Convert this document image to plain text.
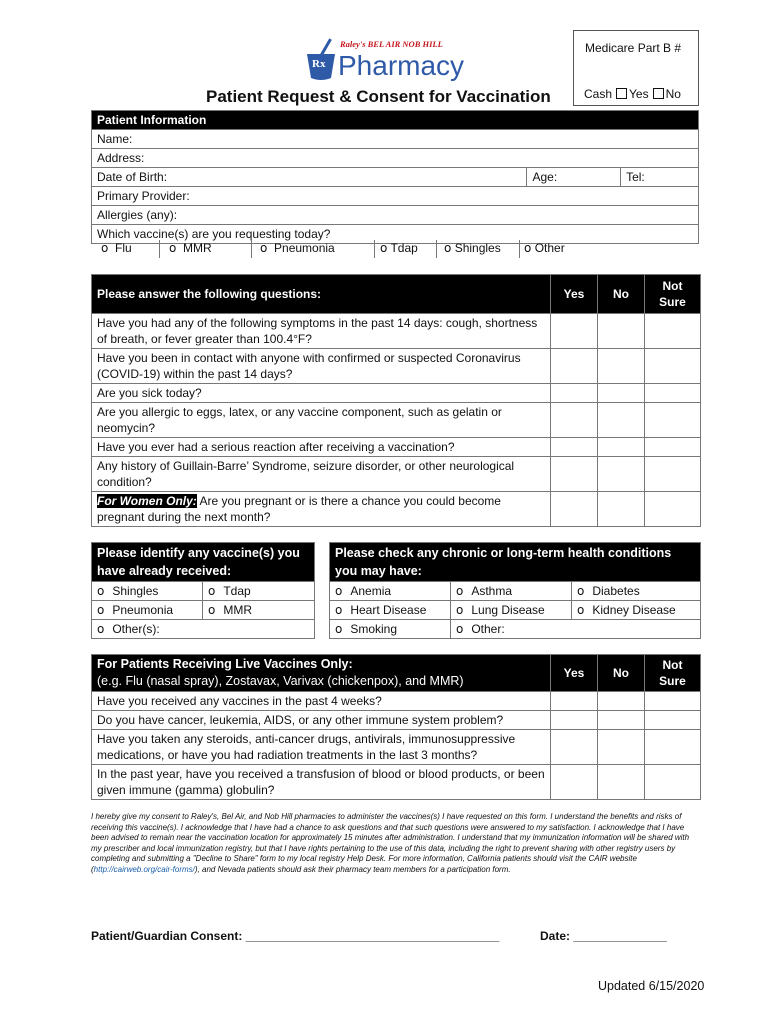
Rx
Raley's BEL AIR NOB HILL
Pharmacy
Medicare Part B #
Cash Yes No
Patient Request & Consent for Vaccination
Patient Information
Name:
Address:
Date of Birth:	Age:	Tel:
Primary Provider:
Allergies (any):
Which vaccine(s) are you requesting today?
o Flu	o MMR	o Pneumonia	o Tdap o Shingles o Other
Please answer the following questions:	Yes	No	Not Sure
Have you had any of the following symptoms in the past 14 days: cough, shortness of breath, or fever greater than 100.4°F?			
Have you been in contact with anyone with confirmed or suspected Coronavirus (COVID-19) within the past 14 days?			
Are you sick today?			
Are you allergic to eggs, latex, or any vaccine component, such as gelatin or neomycin?			
Have you ever had a serious reaction after receiving a vaccination?			
Any history of Guillain-Barre’ Syndrome, seizure disorder, or other neurological condition?			
For Women Only: Are you pregnant or is there a chance you could become pregnant during the next month?			
Please identify any vaccine(s) you have already received:	
o Shingles	o Tdap
o Pneumonia	o MMR
o Other(s):	
Please check any chronic or long-term health conditions you may have:		
o Anemia	o Asthma	o Diabetes
o Heart Disease	o Lung Disease	o Kidney Disease
o Smoking	o Other:	
For Patients Receiving Live Vaccines Only:
(e.g. Flu (nasal spray), Zostavax, Varivax (chickenpox), and MMR)	Yes	No	Not Sure
Have you received any vaccines in the past 4 weeks?			
Do you have cancer, leukemia, AIDS, or any other immune system problem?			
Have you taken any steroids, anti-cancer drugs, antivirals, immunosuppressive medications, or have you had radiation treatments in the last 3 months?			
In the past year, have you received a transfusion of blood or blood products, or been given immune (gamma) globulin?			
I hereby give my consent to Raley's, Bel Air, and Nob Hill pharmacies to administer the vaccines(s) I have requested on this form. I understand the benefits and risks of receiving this vaccine(s). I acknowledge that I have had a chance to ask questions and that such questions were answered to my satisfaction. I acknowledge that I have been advised to remain near the vaccination location for approximately 15 minutes after administration. I understand that my immunization information will be shared with my prescriber and local immunization registry, but that I have rights pertaining to the use of this data, including the right to prevent sharing with other registry users by completing and submitting a "Decline to Share" form to my local registry Help Desk. For more information, California patients should visit the CAIR website (http://cairweb.org/cair-forms/), and Nevada patients should ask their pharmacy team members for a participation form.
Patient/Guardian Consent: ______________________________________	Date: ______________
Updated 6/15/2020
